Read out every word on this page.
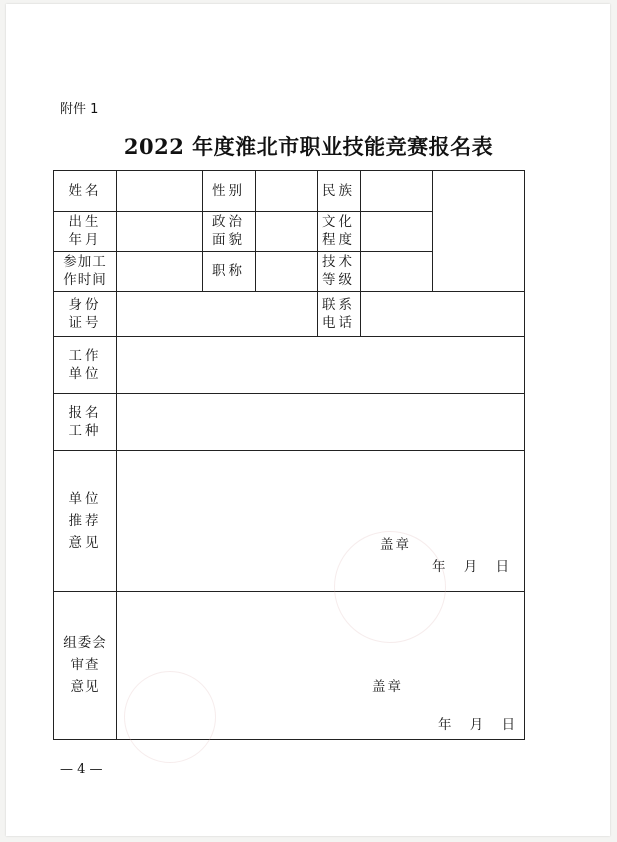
附件 1
2022 年度淮北市职业技能竞赛报名表
姓名	性别	民族
出生
年月
政治
面貌
文化
程度
参加工
作时间
职称
技术
等级
身份
证号
联系
电话
工作
单位
报名
工种
单位
推荐
意见
组委会
审查
意见
盖章
年 月 日
盖章
年 月 日
— 4 —
